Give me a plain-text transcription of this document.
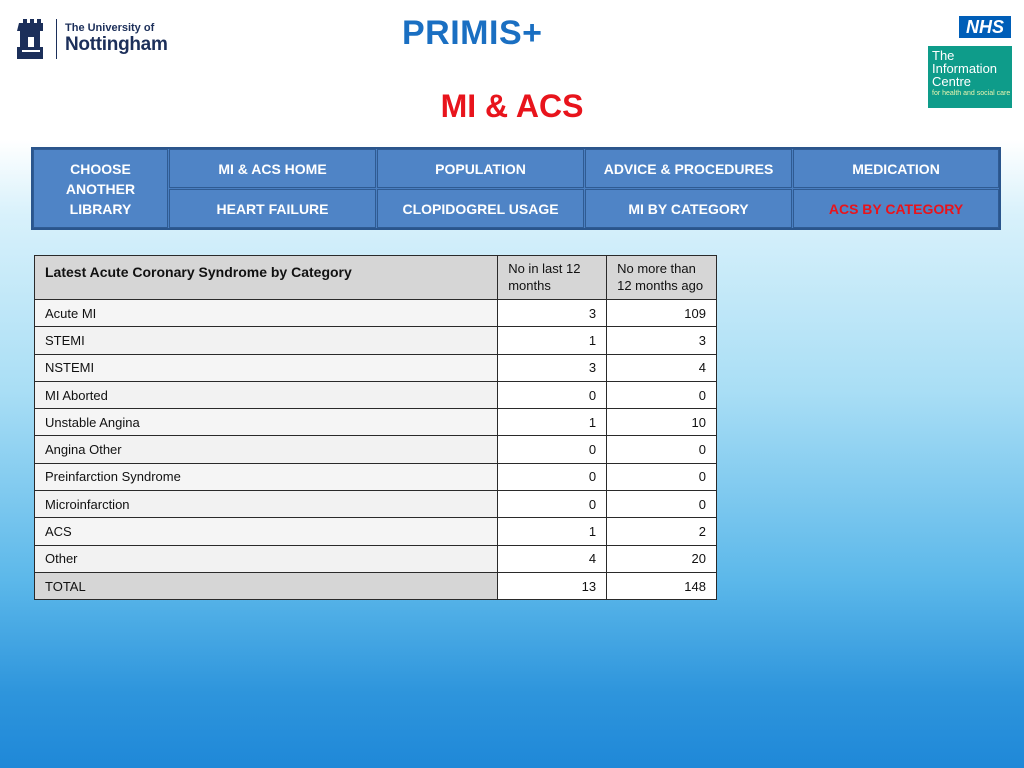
The University of
Nottingham	PRIMIS+
MI & ACS
NHS
The
Information
Centre
for health and social care
CHOOSE ANOTHER LIBRARY
MI & ACS HOME	POPULATION	ADVICE & PROCEDURES	MEDICATION
HEART FAILURE	CLOPIDOGREL USAGE	MI BY CATEGORY	ACS BY CATEGORY
Latest Acute Coronary Syndrome by Category	No in last 12 months	No more than 12 months ago
Acute MI	3	109
STEMI	1	3
NSTEMI	3	4
MI Aborted	0	0
Unstable Angina	1	10
Angina Other	0	0
Preinfarction Syndrome	0	0
Microinfarction	0	0
ACS	1	2
Other	4	20
TOTAL	13	148
